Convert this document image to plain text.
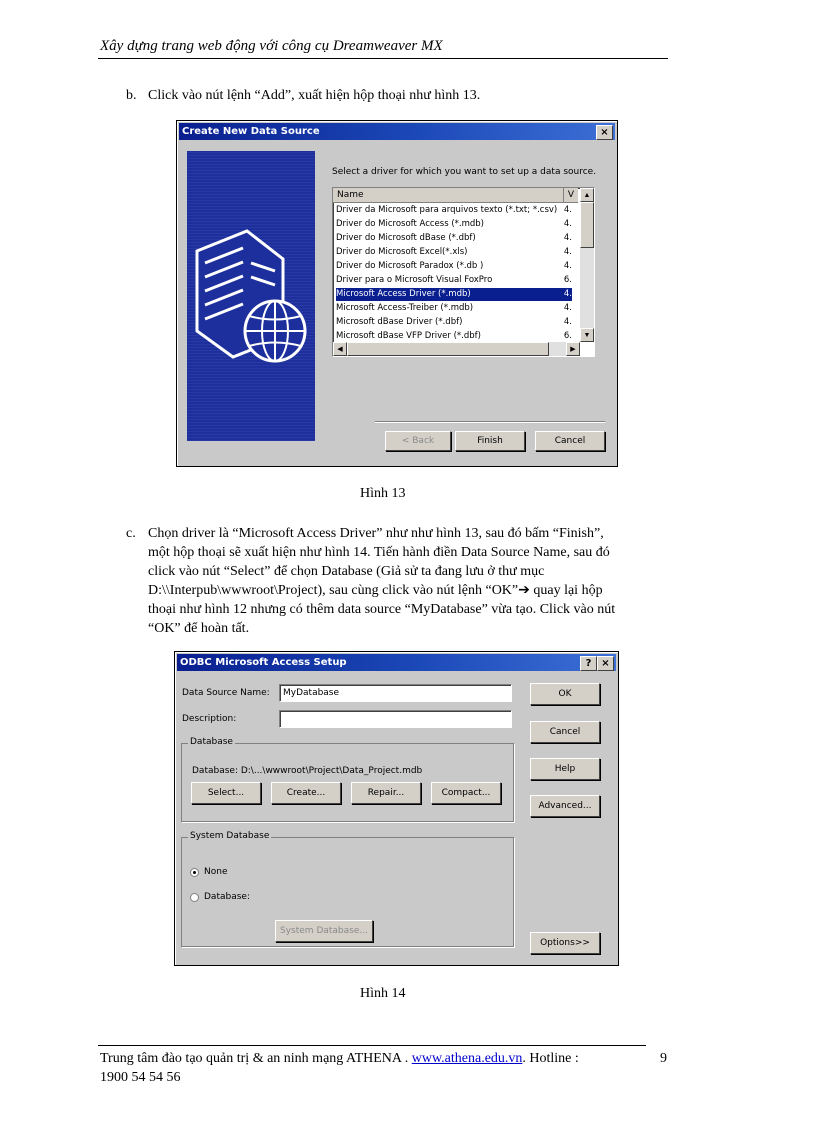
Xây dựng trang web động với công cụ Dreamweaver MX
b. Click vào nút lệnh “Add”, xuất hiện hộp thoại như hình 13.
Create New Data Source	×
Select a driver for which you want to set up a data source.
Name	V
Driver da Microsoft para arquivos texto (*.txt; *.csv) 4.
Driver do Microsoft Access (*.mdb)	4.
Driver do Microsoft dBase (*.dbf)	4.
Driver do Microsoft Excel(*.xls)	4.
Driver do Microsoft Paradox (*.db )	4.
Driver para o Microsoft Visual FoxPro	6.
Microsoft Access Driver (*.mdb)	4.
Microsoft Access-Treiber (*.mdb)	4.
Microsoft dBase Driver (*.dbf)	4.
Microsoft dBase VFP Driver (*.dbf)	6.
▲
▼
◀	▶
< Back	Finish	Cancel
Hình 13
c. Chọn driver là “Microsoft Access Driver” như như hình 13, sau đó bấm “Finish”,
một hộp thoại sẽ xuất hiện như hình 14. Tiến hành điền Data Source Name, sau đó
click vào nút “Select” để chọn Database (Giả sử ta đang lưu ở thư mục
D:\\Interpub\wwwroot\Project), sau cùng click vào nút lệnh “OK”➔ quay lại hộp
thoại như hình 12 nhưng có thêm data source “MyDatabase” vừa tạo. Click vào nút
“OK” để hoàn tất.
ODBC Microsoft Access Setup	? ×
Data Source Name:	MyDatabase
Description:
Database
Database: D:\...\wwwroot\Project\Data_Project.mdb
Select...	Create...	Repair...	Compact...
System Database
None
Database:
System Database...
OK
Cancel
Help
Advanced...
Options>>
Hình 14
Trung tâm đào tạo quản trị & an ninh mạng ATHENA . www.athena.edu.vn. Hotline :
1900 54 54 56
9
